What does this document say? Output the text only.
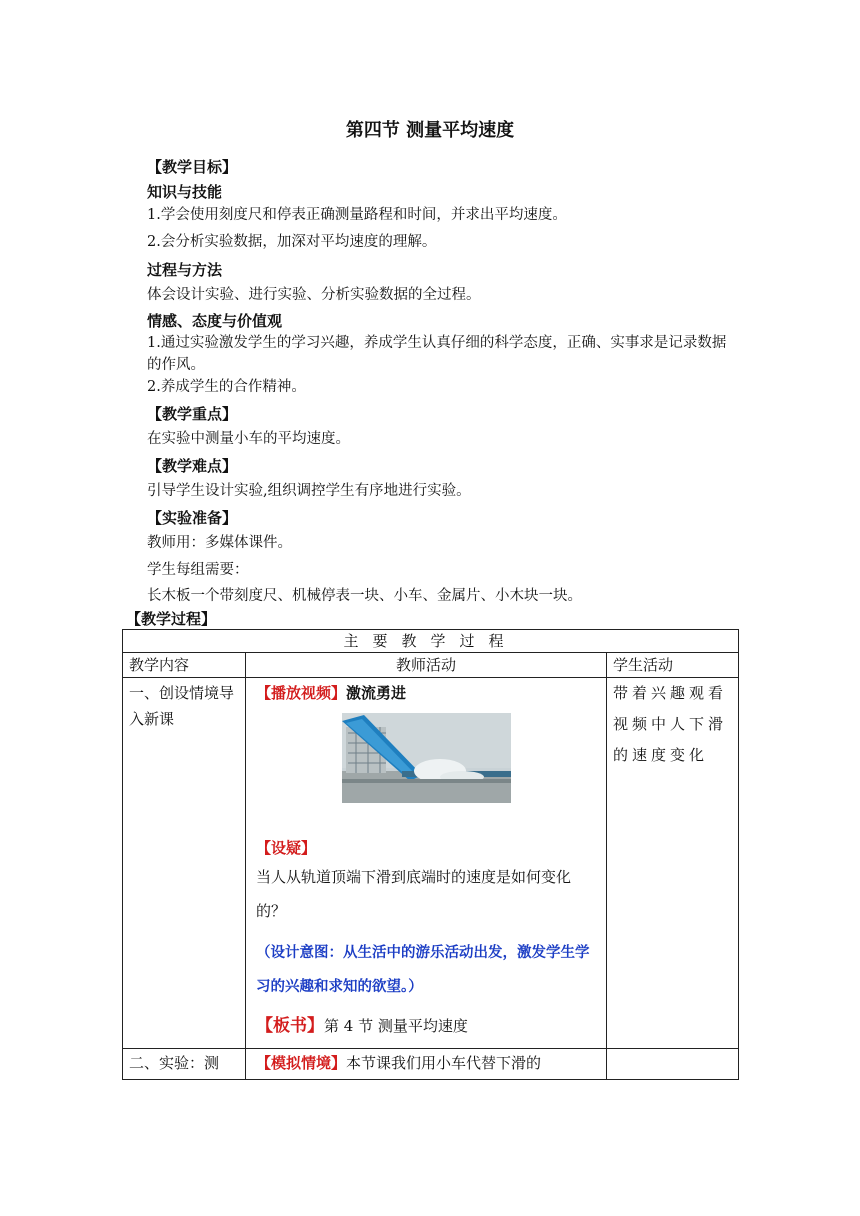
第四节 测量平均速度
【教学目标】
知识与技能
1.学会使用刻度尺和停表正确测量路程和时间，并求出平均速度。
2.会分析实验数据，加深对平均速度的理解。
过程与方法
体会设计实验、进行实验、分析实验数据的全过程。
情感、态度与价值观
1.通过实验激发学生的学习兴趣，养成学生认真仔细的科学态度，正确、实事求是记录数据的作风。
2.养成学生的合作精神。
【教学重点】
在实验中测量小车的平均速度。
【教学难点】
引导学生设计实验,组织调控学生有序地进行实验。
【实验准备】
教师用：多媒体课件。
学生每组需要：
长木板一个带刻度尺、机械停表一块、小车、金属片、小木块一块。
【教学过程】
主要教学过程		
教学内容	教师活动	学生活动
一、创设情境导入新课	【播放视频】激流勇进
【设疑】
当人从轨道顶端下滑到底端时的速度是如何变化的？
（设计意图：从生活中的游乐活动出发，激发学生学习的兴趣和求知的欲望。）
【板书】第 4 节 测量平均速度	带着兴趣观看视频中人下滑的速度变化
二、实验：测	【模拟情境】本节课我们用小车代替下滑的	
